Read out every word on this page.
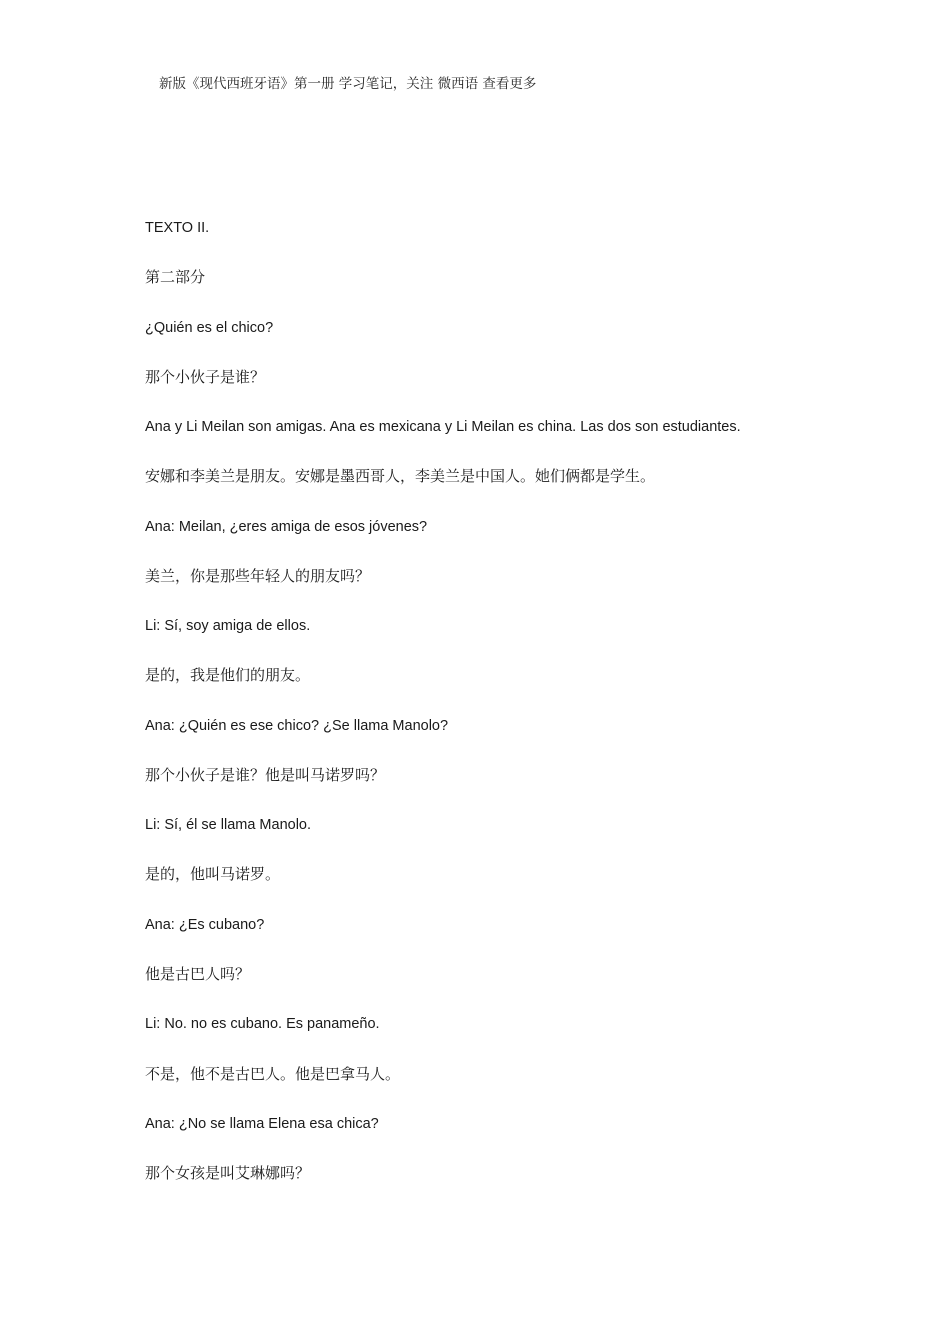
新版《现代西班牙语》第一册 学习笔记，关注 微西语 查看更多
TEXTO II.
第二部分
¿Quién es el chico?
那个小伙子是谁？
Ana y Li Meilan son amigas. Ana es mexicana y Li Meilan es china. Las dos son estudiantes.
安娜和李美兰是朋友。安娜是墨西哥人，李美兰是中国人。她们俩都是学生。
Ana: Meilan, ¿eres amiga de esos jóvenes?
美兰，你是那些年轻人的朋友吗？
Li: Sí, soy amiga de ellos.
是的，我是他们的朋友。
Ana: ¿Quién es ese chico? ¿Se llama Manolo?
那个小伙子是谁？他是叫马诺罗吗？
Li: Sí, él se llama Manolo.
是的，他叫马诺罗。
Ana: ¿Es cubano?
他是古巴人吗？
Li: No. no es cubano. Es panameño.
不是，他不是古巴人。他是巴拿马人。
Ana: ¿No se llama Elena esa chica?
那个女孩是叫艾琳娜吗？
